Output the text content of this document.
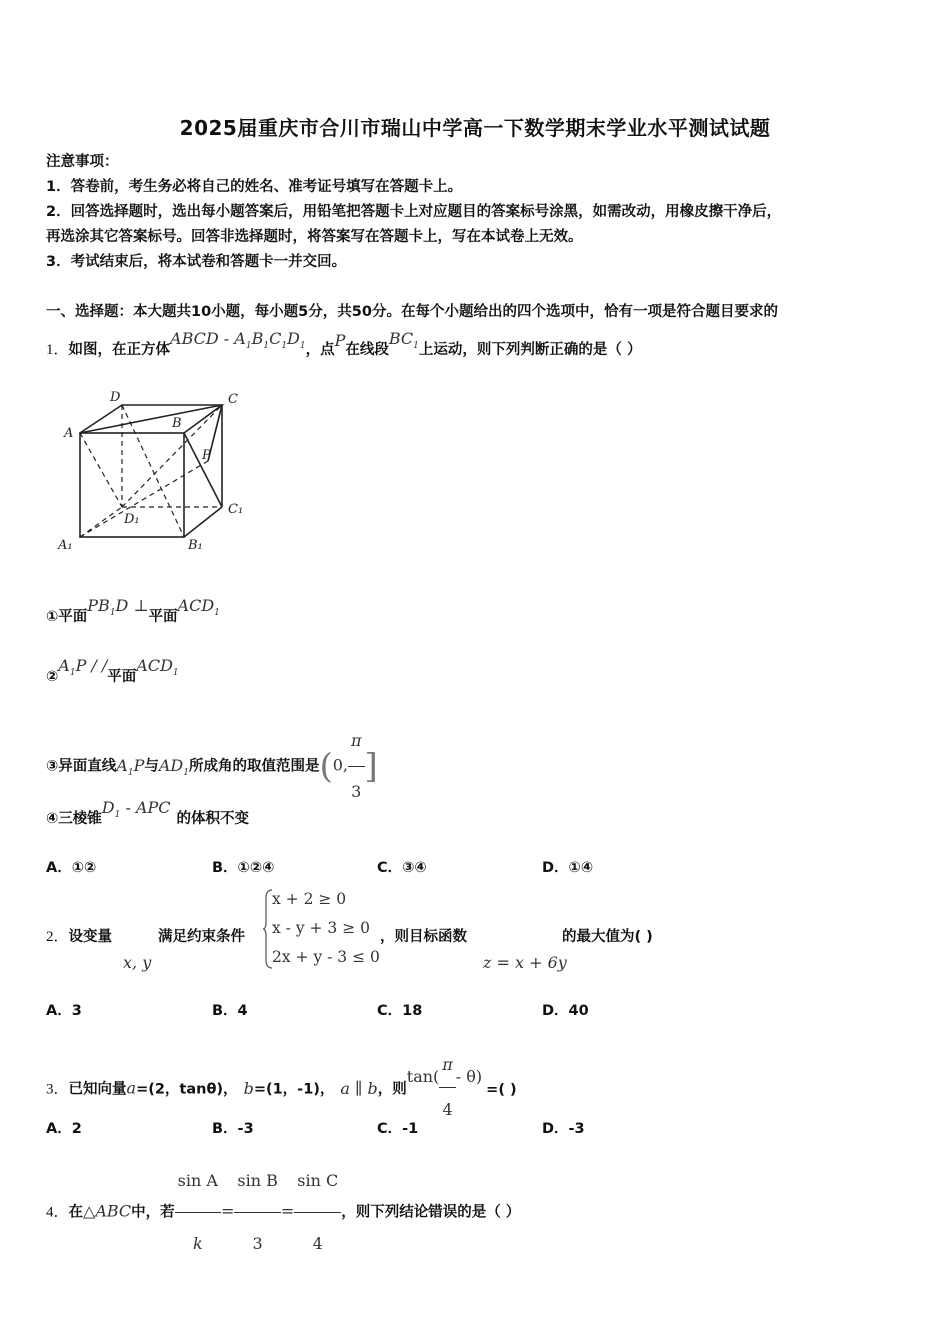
2025届重庆市合川市瑞山中学高一下数学期末学业水平测试试题
注意事项：
1．答卷前，考生务必将自己的姓名、准考证号填写在答题卡上。
2．回答选择题时，选出每小题答案后，用铅笔把答题卡上对应题目的答案标号涂黑，如需改动，用橡皮擦干净后，
再选涂其它答案标号。回答非选择题时，将答案写在答题卡上，写在本试卷上无效。
3．考试结束后，将本试卷和答题卡一并交回。
一、选择题：本大题共10小题，每小题5分，共50分。在每个小题给出的四个选项中，恰有一项是符合题目要求的
1．如图，在正方体ABCD - $A_1B_1C_1D_1$，点P在线段$BC_1$上运动，则下列判断正确的是（ ）
D	C
A
B
P
D₁
C₁
A₁	B₁
①平面$PB_1D$ ⊥平面$ACD_1$
$②A_1P$ / /平面$ACD_1$
③异面直线$A_1P$与$AD_1$所成角的取值范围是(0, $\frac{\pi}{3}$ ]
④三棱锥$D_1$ - APC的体积不变
A．①②	B．①②④	C．③④	D．①④
2．设变量
x, y
满足约束条件
x + 2 ≥ 0
x - y + 3 ≥ 0
2x + y - 3 ≤ 0
，则目标函数
z = x + 6y
的最大值为( )
A．3	B．4	C．18	D．40
3．已知向量a=(2，tanθ)， b=(1，-1)， a ∥ b，则$\tan( \frac{\pi}{4} - \theta)=$( )
A．2	B．-3	C．-1	D．-3
4．在△ABC中，若 $\frac{\text{sin A}}{k} = \frac{\text{sin B}}{3} = \frac{\text{sin C}}{4}$ ，则下列结论错误的是（ ）
